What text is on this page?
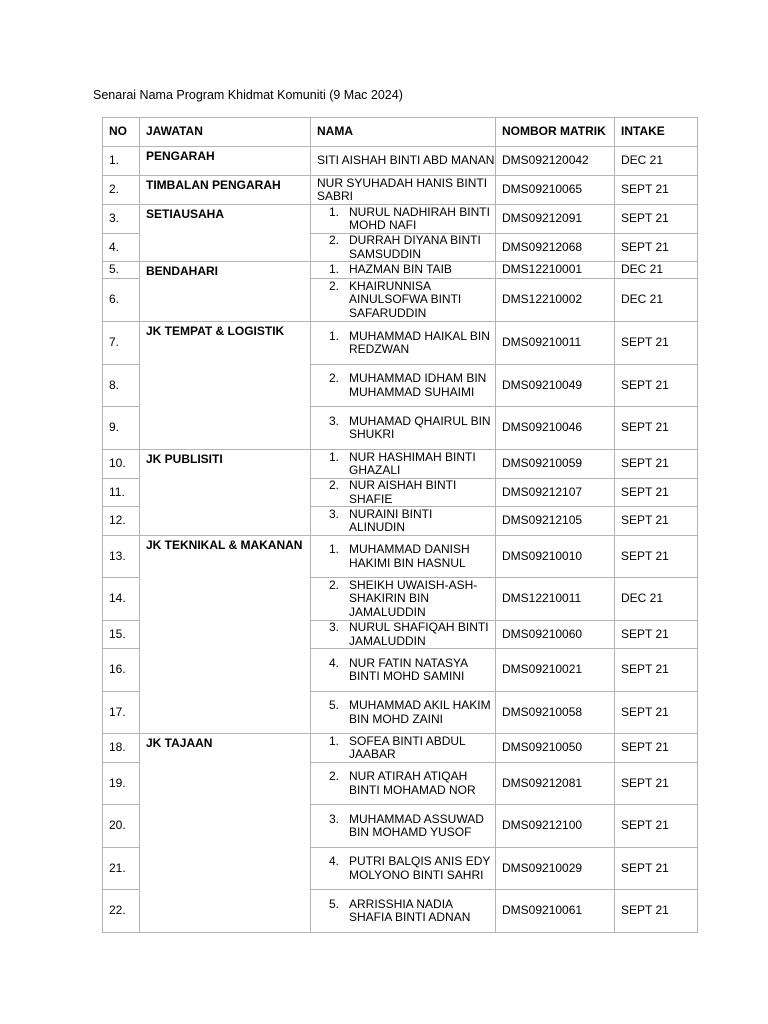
Senarai Nama Program Khidmat Komuniti (9 Mac 2024)
NO	JAWATAN	NAMA	NOMBOR MATRIK	INTAKE
1.	PENGARAH	SITI AISHAH BINTI ABD MANAN	DMS092120042	DEC 21
2.	TIMBALAN PENGARAH	NUR SYUHADAH HANIS BINTI SABRI	DMS09210065	SEPT 21
3.	SETIAUSAHA	1. NURUL NADHIRAH BINTI MOHD NAFI	DMS09212091	SEPT 21
4.		2. DURRAH DIYANA BINTI SAMSUDDIN	DMS09212068	SEPT 21
5.	BENDAHARI	1. HAZMAN BIN TAIB	DMS12210001	DEC 21
6.		2. KHAIRUNNISA AINULSOFWA BINTI SAFARUDDIN	DMS12210002	DEC 21
7.	JK TEMPAT & LOGISTIK	1. MUHAMMAD HAIKAL BIN REDZWAN	DMS09210011	SEPT 21
8.		2. MUHAMMAD IDHAM BIN MUHAMMAD SUHAIMI	DMS09210049	SEPT 21
9.		3. MUHAMAD QHAIRUL BIN SHUKRI	DMS09210046	SEPT 21
10.	JK PUBLISITI	1. NUR HASHIMAH BINTI GHAZALI	DMS09210059	SEPT 21
11.		2. NUR AISHAH BINTI SHAFIE	DMS09212107	SEPT 21
12.		3. NURAINI BINTI ALINUDIN	DMS09212105	SEPT 21
13.	JK TEKNIKAL & MAKANAN	1. MUHAMMAD DANISH HAKIMI BIN HASNUL	DMS09210010	SEPT 21
14.		2. SHEIKH UWAISH-ASH-SHAKIRIN BIN JAMALUDDIN	DMS12210011	DEC 21
15.		3. NURUL SHAFIQAH BINTI JAMALUDDIN	DMS09210060	SEPT 21
16.		4. NUR FATIN NATASYA BINTI MOHD SAMINI	DMS09210021	SEPT 21
17.		5. MUHAMMAD AKIL HAKIM BIN MOHD ZAINI	DMS09210058	SEPT 21
18.	JK TAJAAN	1. SOFEA BINTI ABDUL JAABAR	DMS09210050	SEPT 21
19.		2. NUR ATIRAH ATIQAH BINTI MOHAMAD NOR	DMS09212081	SEPT 21
20.		3. MUHAMMAD ASSUWAD BIN MOHAMD YUSOF	DMS09212100	SEPT 21
21.		4. PUTRI BALQIS ANIS EDY MOLYONO BINTI SAHRI	DMS09210029	SEPT 21
22.		5. ARRISSHIA NADIA SHAFIA BINTI ADNAN	DMS09210061	SEPT 21
